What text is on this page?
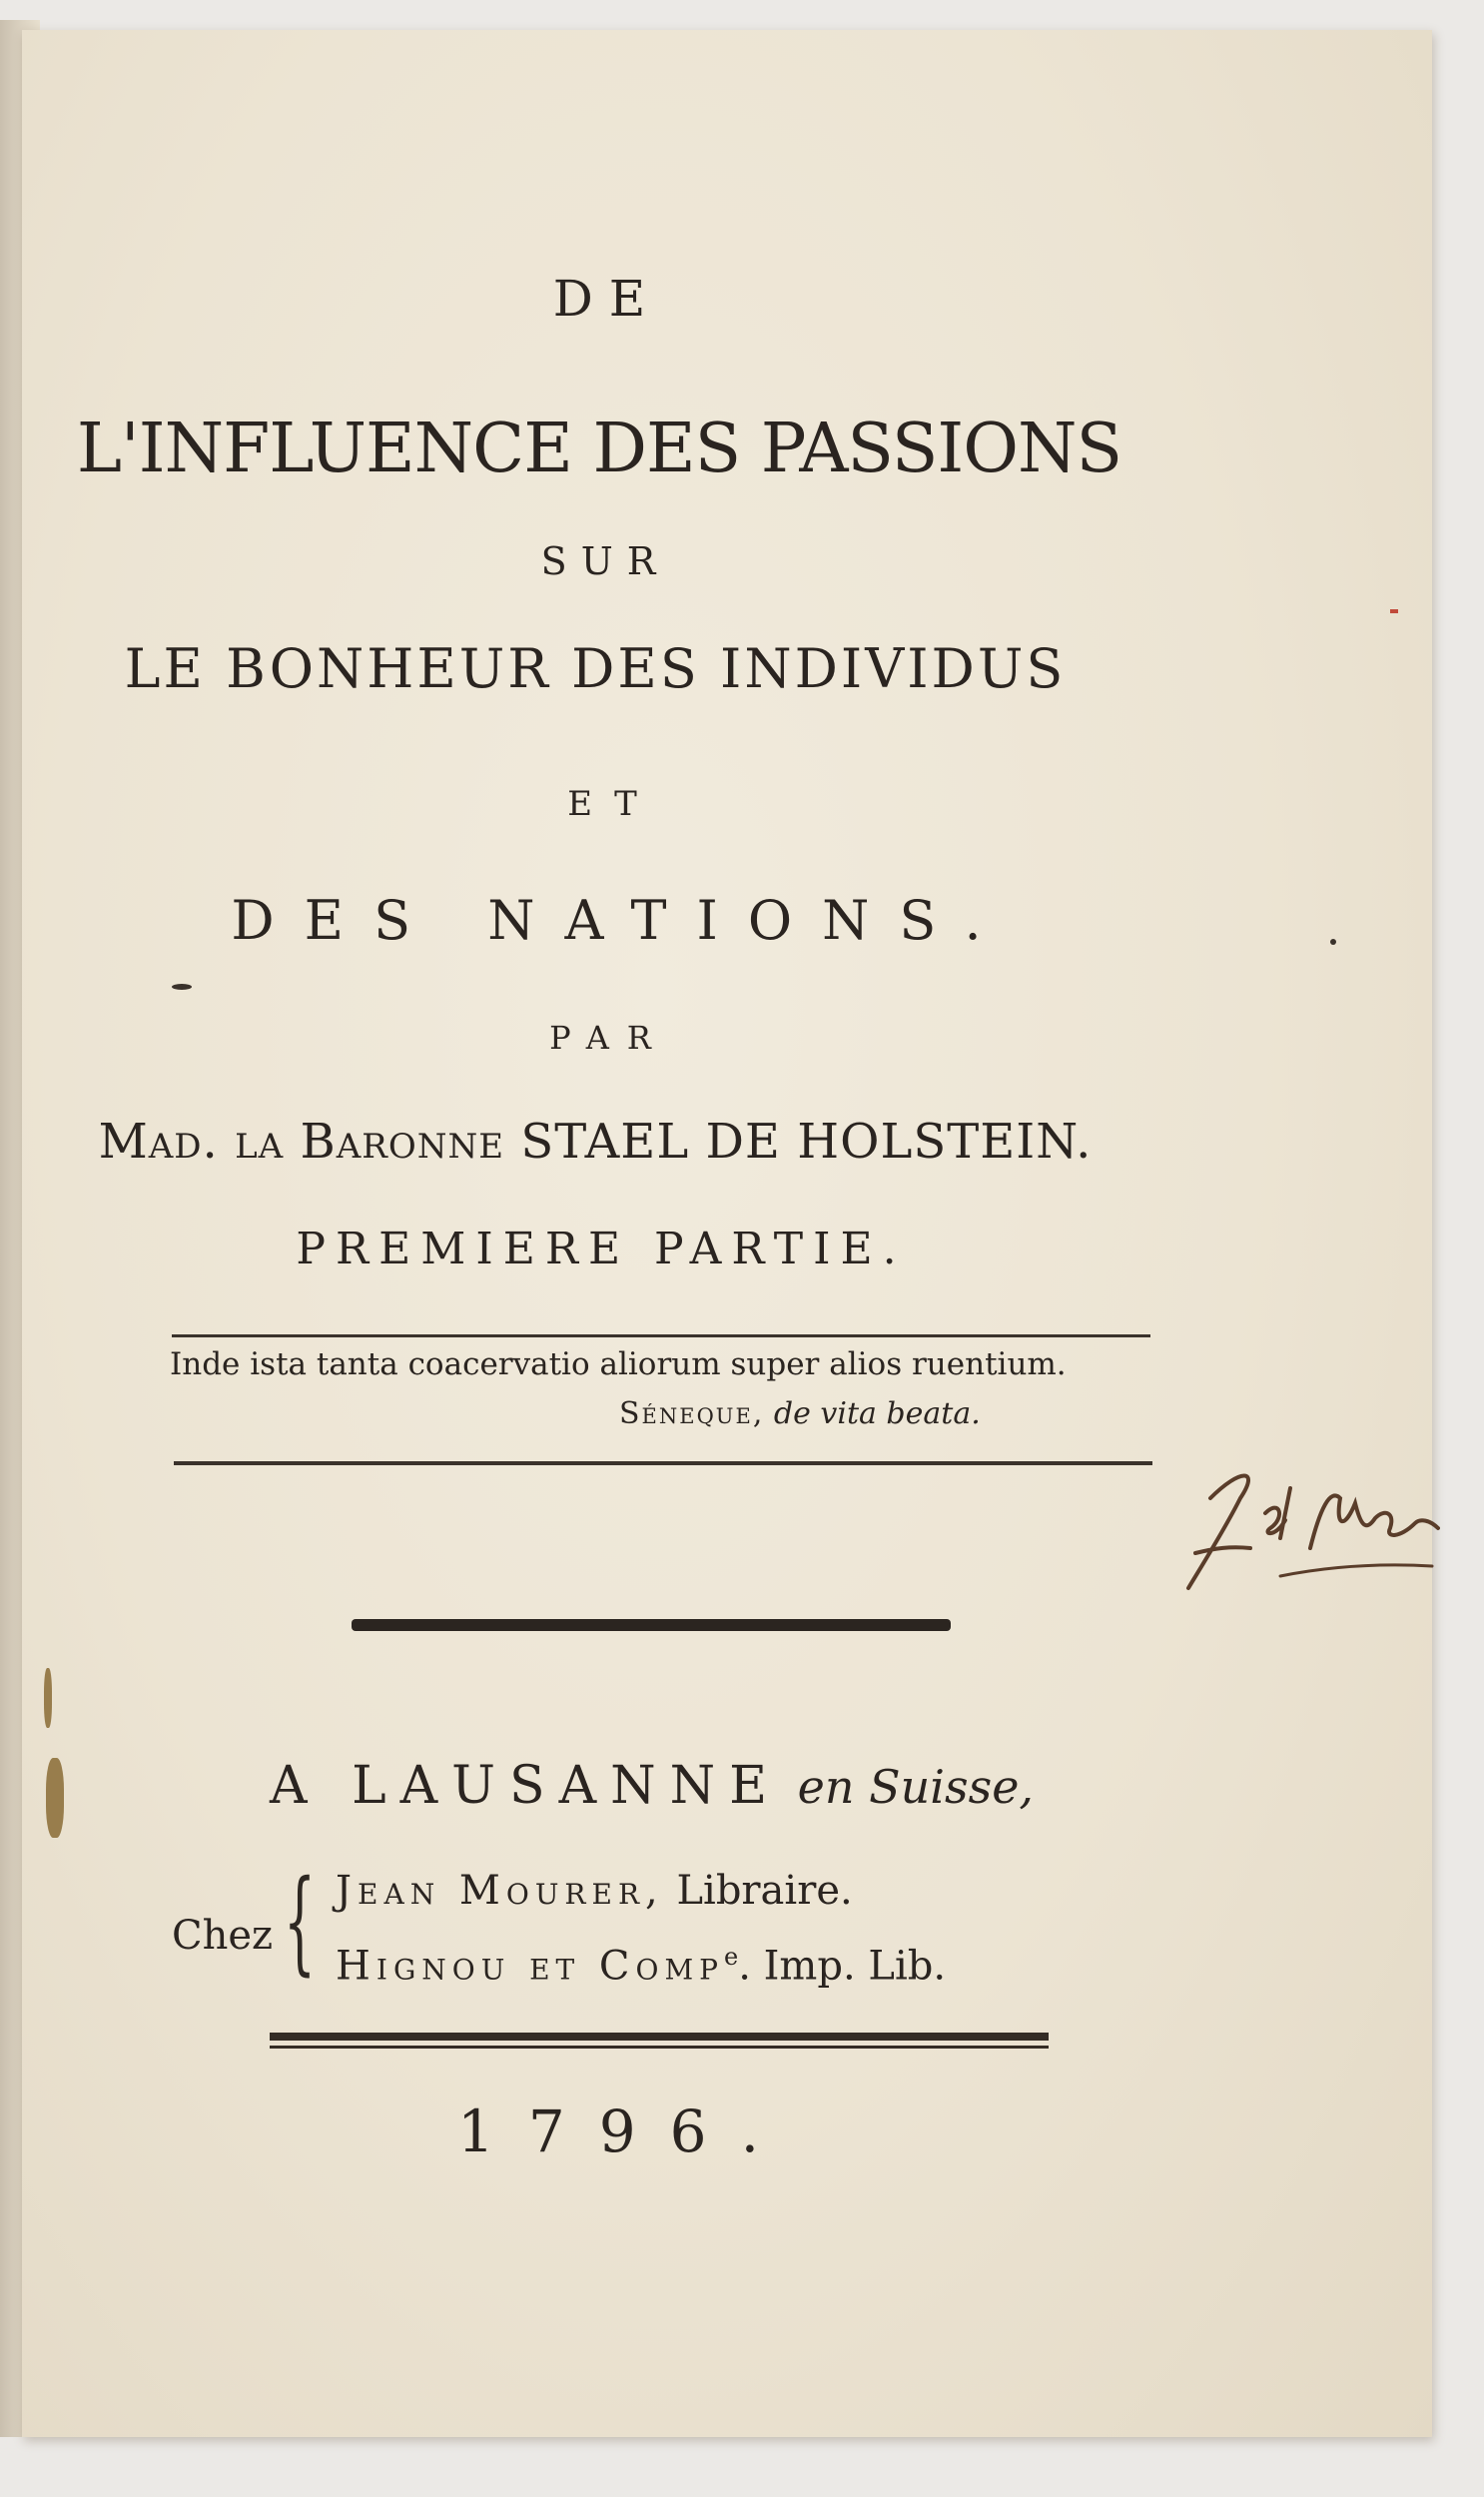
DE
L'INFLUENCE DES PASSIONS
SUR
LE BONHEUR DES INDIVIDUS
ET
DES NATIONS.
PAR
Mad. la Baronne STAEL DE HOLSTEIN.
PREMIERE PARTIE.
Inde ista tanta coacervatio aliorum super alios ruentium.
Séneque, de vita beata.
A LAUSANNE en Suisse,
Chez { Jean Mourer, Libraire.
Hignou et Comp$^e$. Imp. Lib.
1796.
